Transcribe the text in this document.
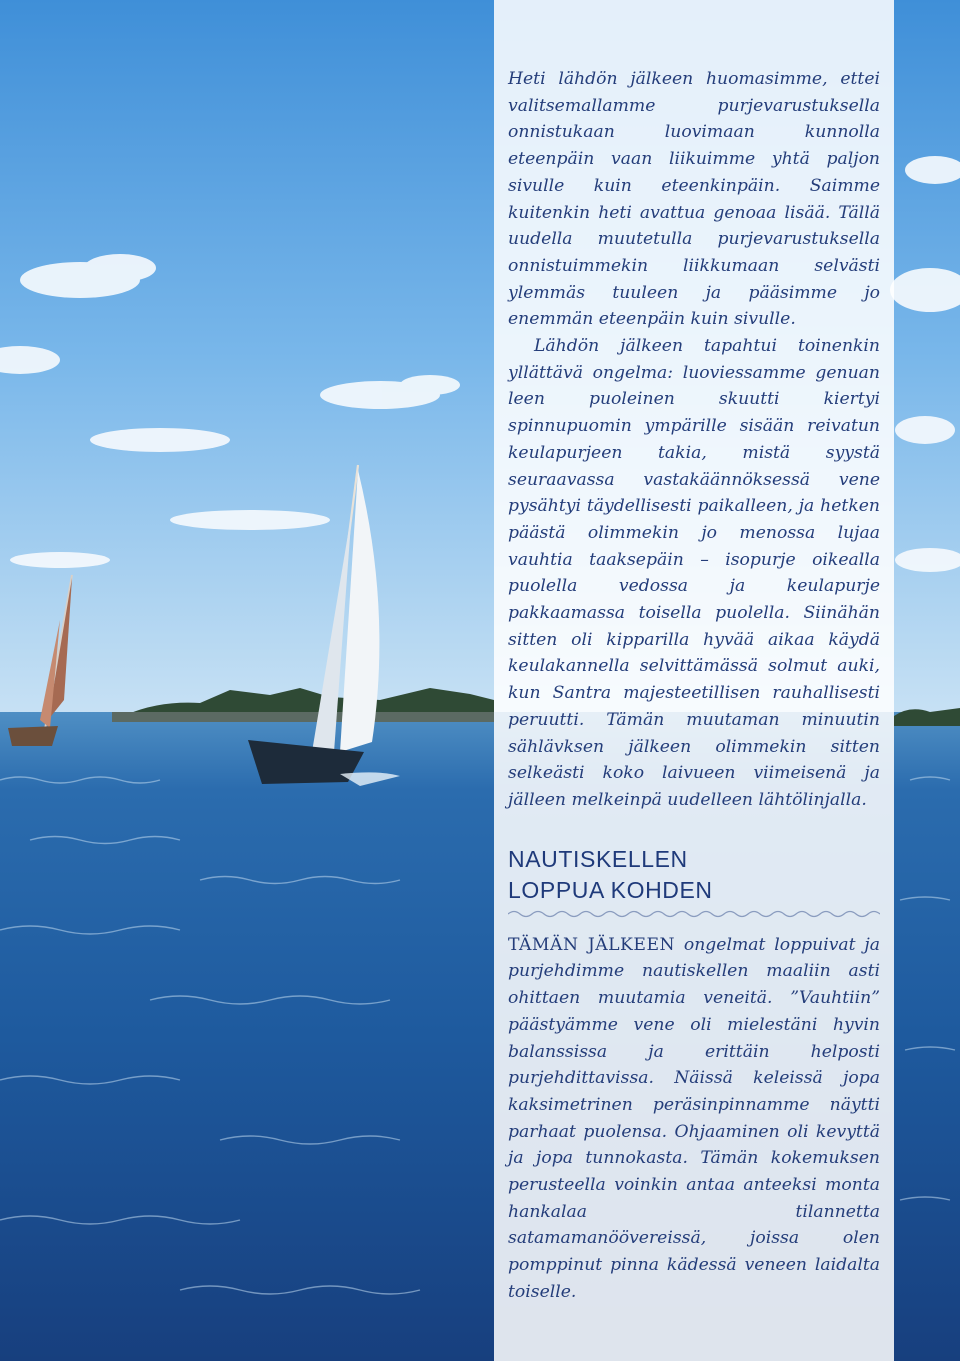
Heti lähdön jälkeen huomasimme, ettei valitsemallamme purjevarustuksella onnistukaan luovimaan kunnolla eteenpäin vaan liikuimme yhtä paljon sivulle kuin eteenkinpäin. Saimme kuitenkin heti avattua genoaa lisää. Tällä uudella muutetulla purjevarustuksella onnistuimmekin liikkumaan selvästi ylemmäs tuuleen ja pääsimme jo enemmän eteenpäin kuin sivulle.

Lähdön jälkeen tapahtui toinenkin yllättävä ongelma: luoviessamme genuan leen puoleinen skuutti kiertyi spinnupuomin ympärille sisään reivatun keulapurjeen takia, mistä syystä seuraavassa vastakäännöksessä vene pysähtyi täydellisesti paikalleen, ja hetken päästä olimmekin jo menossa lujaa vauhtia taaksepäin – isopurje oikealla puolella vedossa ja keulapurje pakkaamassa toisella puolella. Siinähän sitten oli kipparilla hyvää aikaa käydä keulakannella selvittämässä solmut auki, kun Santra majesteetillisen rauhallisesti peruutti. Tämän muutaman minuutin sählävksen jälkeen olimmekin sitten selkeästi koko laivueen viimeisenä ja jälleen melkeinpä uudelleen lähtölinjalla.

NAUTISKELLEN
LOPPUA KOHDEN

TÄMÄN JÄLKEEN ongelmat loppuivat ja purjehdimme nautiskellen maaliin asti ohittaen muutamia veneitä. ”Vauhtiin” päästyämme vene oli mielestäni hyvin balanssissa ja erittäin helposti purjehdittavissa. Näissä keleissä jopa kaksimetrinen peräsinpinnamme näytti parhaat puolensa. Ohjaaminen oli kevyttä ja jopa tunnokasta. Tämän kokemuksen perusteella voinkin antaa anteeksi monta hankalaa tilannetta satamamanöövereissä, joissa olen pomppinut pinna kädessä veneen laidalta toiselle.
